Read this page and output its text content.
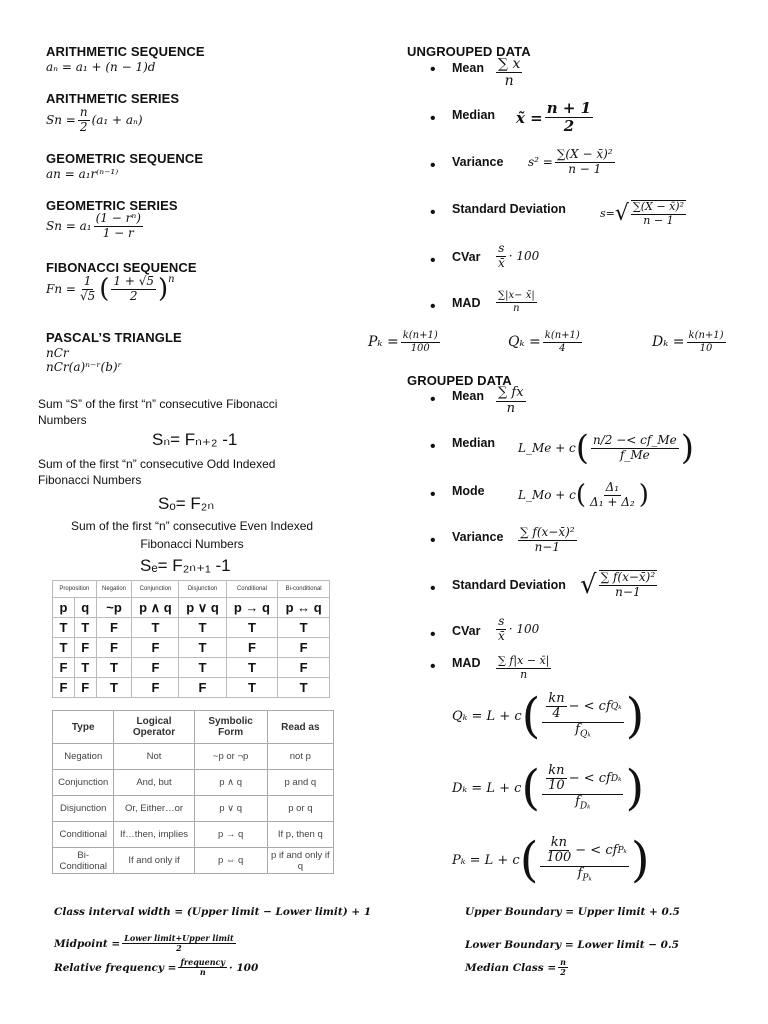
ARITHMETIC SEQUENCE
aₙ = a₁ + (n − 1)d
ARITHMETIC SERIES
$Sn = \frac{n}{2} (a_1 + a_n)$
GEOMETRIC SEQUENCE
an = a₁r⁽ⁿ⁻¹⁾
GEOMETRIC SERIES
$Sn = a_1 \frac{\text{(1 − rⁿ)}}{1 - r}$
FIBONACCI SEQUENCE
$Fn = \frac{1}{√5}$ ( $\frac{1 + √5}{2}$ ) n
PASCAL’S TRIANGLE
nCr
nCr(a)ⁿ⁻ʳ(b)ʳ
Sum “S” of the first “n” consecutive Fibonacci Numbers
Sₙ= Fₙ₊₂ -1
Sum of the first “n” consecutive Odd Indexed Fibonacci Numbers
Sₒ= F₂ₙ
Sum of the first “n” consecutive Even Indexed Fibonacci Numbers
Sₑ= F₂ₙ₊₁ -1
Proposition		Negation	Conjunction	Disjunction	Conditional	Bi-conditional
p	q	~p	p ∧ q	p ∨ q	p → q	p ↔ q
T	T	F	T	T	T	T
T	F	F	F	T	F	F
F	T	T	F	T	T	F
F	F	T	F	F	T	T
Type	Logical Operator	Symbolic Form	Read as
Negation	Not	~p or ¬p	not p
Conjunction	And, but	p ∧ q	p and q
Disjunction	Or, Either…or	p ∨ q	p or q
Conditional	If…then, implies	p → q	If p, then q
Bi-Conditional	If and only if	p ⇔ q	p if and only if q
UNGROUPED DATA
• Mean $\frac{\sum x}{n}$
• Median x̃ = $\frac{n + 1}{2}$
• Variance $s^2 = \frac{\text{∑(X − x̄)²}}{n - 1}$
• Standard Deviation	s= √ $\frac{\text{∑(X − x̄)²}}{n - 1}$
• CVar $\frac{s}{x̄} \cdot 100$
• MAD $\frac{\sum|x- x̄|}{n}$
$P_k = \frac{k(n+1)}{100}$	$Q_k = \frac{k(n+1)}{4}$	$D_k = \frac{k(n+1)}{10}$
GROUPED DATA
• Mean $\frac{\sum fx}{n}$
• Median L_Me + c ( $\frac{n/2 -< cf\_Me}{f\_Me}$ )
• Mode	L_Mo + c ( $\frac{\text{Δ₁}}{\text{Δ₁ + Δ₂}}$ )
• Variance $\frac{\text{∑ f(x−x̄)²}}{n-1}$
• Standard Deviation √ $\frac{\text{∑ f(x−x̄)²}}{n-1}$
• CVar $\frac{s}{x̄} \cdot 100$
• MAD $\frac{\sum f|x - x̄|}{n}$
Qₖ = L + c ( $\frac{\frac{kn}{4} - < cf Q_k}{f_{Q_k}}$ )
Dₖ = L + c ( $\frac{\frac{kn}{10} - < cf D_k}{f_{D_k}}$ )
Pₖ = L + c ( $\frac{\frac{kn}{100} - < cf P_k}{f_{P_k}}$ )
Class interval width = (Upper limit − Lower limit) + 1
Midpoint = $\frac{\text{Lower limit+Upper limit}}{2}$
Relative frequency = $\frac{\text{frequency}}{n} \cdot 100$
Upper Boundary = Upper limit + 0.5
Lower Boundary = Lower limit − 0.5
Median Class = $\frac{n}{2}$
